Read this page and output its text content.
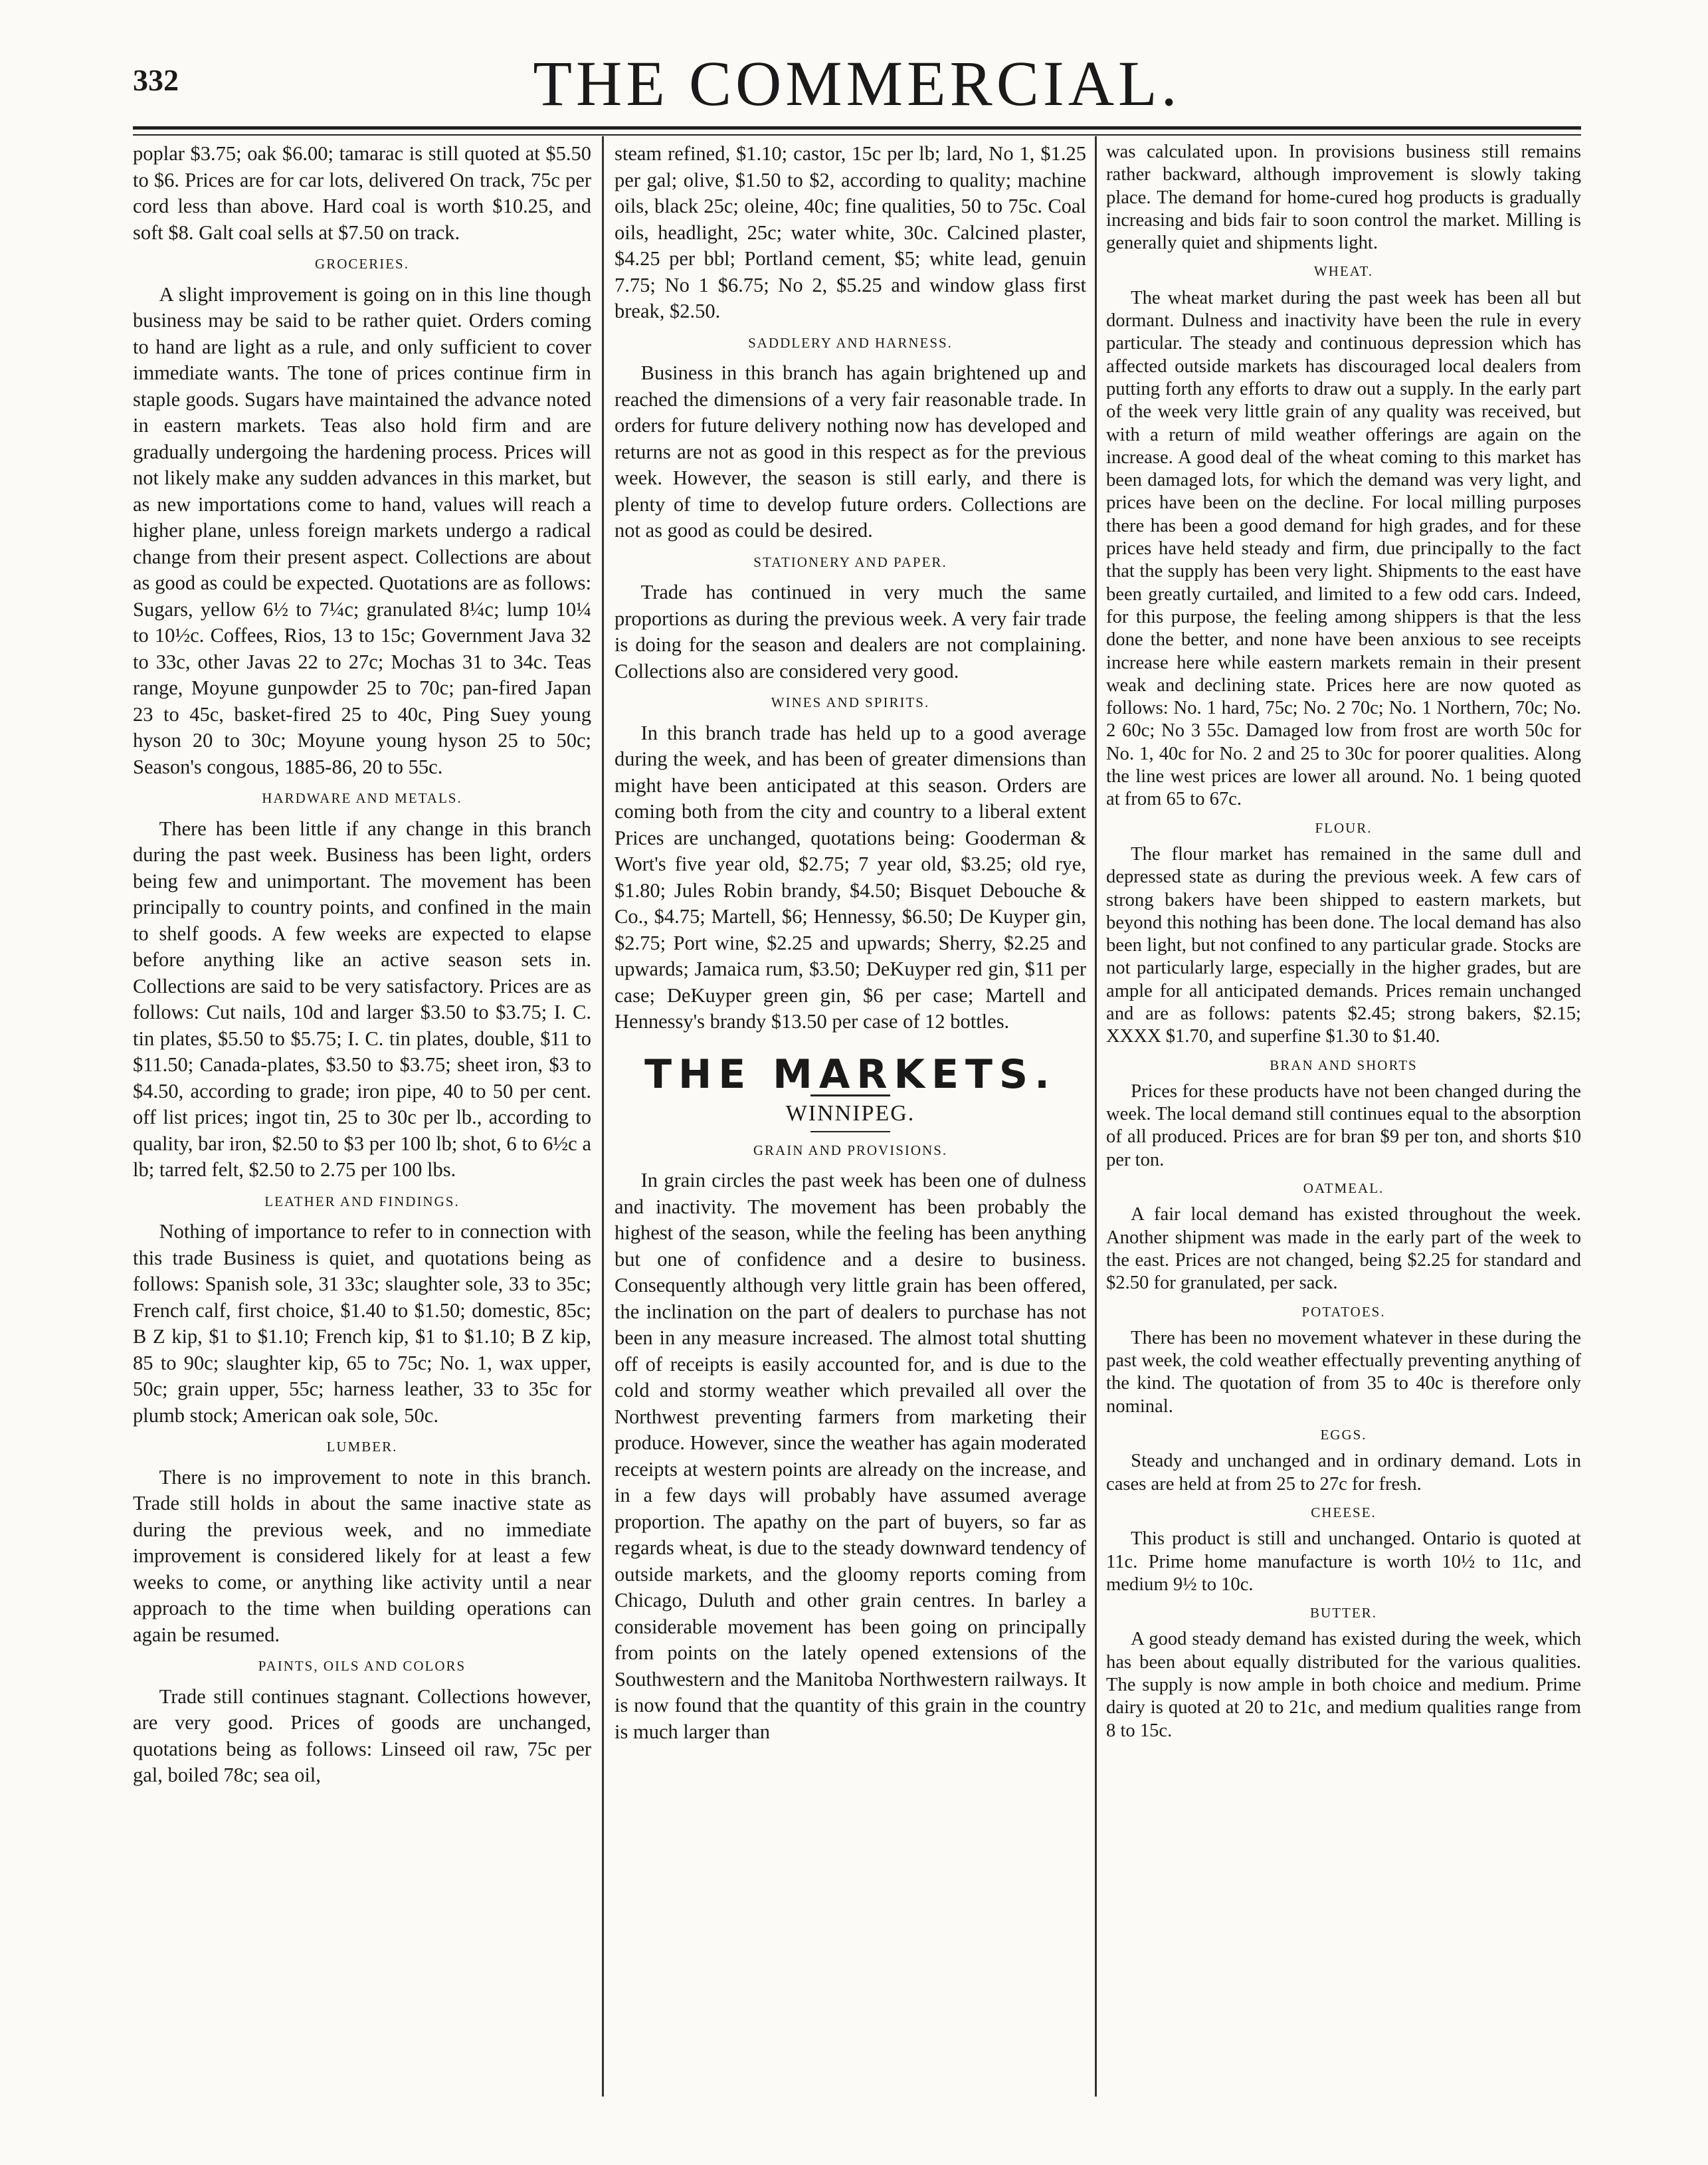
332	THE COMMERCIAL.

poplar $3.75; oak $6.00; tamarac is still quoted at $5.50 to $6. Prices are for car lots, delivered On track, 75c per cord less than above. Hard coal is worth $10.25, and soft $8. Galt coal sells at $7.50 on track.

GROCERIES.

A slight improvement is going on in this line though business may be said to be rather quiet. Orders coming to hand are light as a rule, and only sufficient to cover immediate wants. The tone of prices continue firm in staple goods. Sugars have maintained the advance noted in eastern markets. Teas also hold firm and are gradually undergoing the hardening process. Prices will not likely make any sudden advances in this market, but as new importations come to hand, values will reach a higher plane, unless foreign markets undergo a radical change from their present aspect. Collections are about as good as could be expected. Quotations are as follows: Sugars, yellow 6½ to 7¼c; granulated 8¼c; lump 10¼ to 10½c. Coffees, Rios, 13 to 15c; Government Java 32 to 33c, other Javas 22 to 27c; Mochas 31 to 34c. Teas range, Moyune gunpowder 25 to 70c; pan-fired Japan 23 to 45c, basket-fired 25 to 40c, Ping Suey young hyson 20 to 30c; Moyune young hyson 25 to 50c; Season's congous, 1885-86, 20 to 55c.

HARDWARE AND METALS.

There has been little if any change in this branch during the past week. Business has been light, orders being few and unimportant. The movement has been principally to country points, and confined in the main to shelf goods. A few weeks are expected to elapse before anything like an active season sets in. Collections are said to be very satisfactory. Prices are as follows: Cut nails, 10d and larger $3.50 to $3.75; I. C. tin plates, $5.50 to $5.75; I. C. tin plates, double, $11 to $11.50; Canada-plates, $3.50 to $3.75; sheet iron, $3 to $4.50, according to grade; iron pipe, 40 to 50 per cent. off list prices; ingot tin, 25 to 30c per lb., according to quality, bar iron, $2.50 to $3 per 100 lb; shot, 6 to 6½c a lb; tarred felt, $2.50 to 2.75 per 100 lbs.

LEATHER AND FINDINGS.

Nothing of importance to refer to in connection with this trade Business is quiet, and quotations being as follows: Spanish sole, 31 33c; slaughter sole, 33 to 35c; French calf, first choice, $1.40 to $1.50; domestic, 85c; B Z kip, $1 to $1.10; French kip, $1 to $1.10; B Z kip, 85 to 90c; slaughter kip, 65 to 75c; No. 1, wax upper, 50c; grain upper, 55c; harness leather, 33 to 35c for plumb stock; American oak sole, 50c.

LUMBER.

There is no improvement to note in this branch. Trade still holds in about the same inactive state as during the previous week, and no immediate improvement is considered likely for at least a few weeks to come, or anything like activity until a near approach to the time when building operations can again be resumed.

PAINTS, OILS AND COLORS

Trade still continues stagnant. Collections however, are very good. Prices of goods are unchanged, quotations being as follows: Linseed oil raw, 75c per gal, boiled 78c; sea oil,

steam refined, $1.10; castor, 15c per lb; lard, No 1, $1.25 per gal; olive, $1.50 to $2, according to quality; machine oils, black 25c; oleine, 40c; fine qualities, 50 to 75c. Coal oils, headlight, 25c; water white, 30c. Calcined plaster, $4.25 per bbl; Portland cement, $5; white lead, genuin 7.75; No 1 $6.75; No 2, $5.25 and window glass first break, $2.50.

SADDLERY AND HARNESS.

Business in this branch has again brightened up and reached the dimensions of a very fair reasonable trade. In orders for future delivery nothing now has developed and returns are not as good in this respect as for the previous week. However, the season is still early, and there is plenty of time to develop future orders. Collections are not as good as could be desired.

STATIONERY AND PAPER.

Trade has continued in very much the same proportions as during the previous week. A very fair trade is doing for the season and dealers are not complaining. Collections also are considered very good.

WINES AND SPIRITS.

In this branch trade has held up to a good average during the week, and has been of greater dimensions than might have been anticipated at this season. Orders are coming both from the city and country to a liberal extent Prices are unchanged, quotations being: Gooderman & Wort's five year old, $2.75; 7 year old, $3.25; old rye, $1.80; Jules Robin brandy, $4.50; Bisquet Debouche & Co., $4.75; Martell, $6; Hennessy, $6.50; De Kuyper gin, $2.75; Port wine, $2.25 and upwards; Sherry, $2.25 and upwards; Jamaica rum, $3.50; DeKuyper red gin, $11 per case; DeKuyper green gin, $6 per case; Martell and Hennessy's brandy $13.50 per case of 12 bottles.

THE MARKETS.
WINNIPEG.
GRAIN AND PROVISIONS.

In grain circles the past week has been one of dulness and inactivity. The movement has been probably the highest of the season, while the feeling has been anything but one of confidence and a desire to business. Consequently although very little grain has been offered, the inclination on the part of dealers to purchase has not been in any measure increased. The almost total shutting off of receipts is easily accounted for, and is due to the cold and stormy weather which prevailed all over the Northwest preventing farmers from marketing their produce. However, since the weather has again moderated receipts at western points are already on the increase, and in a few days will probably have assumed average proportion. The apathy on the part of buyers, so far as regards wheat, is due to the steady downward tendency of outside markets, and the gloomy reports coming from Chicago, Duluth and other grain centres. In barley a considerable movement has been going on principally from points on the lately opened extensions of the Southwestern and the Manitoba Northwestern railways. It is now found that the quantity of this grain in the country is much larger than

was calculated upon. In provisions business still remains rather backward, although improvement is slowly taking place. The demand for home-cured hog products is gradually increasing and bids fair to soon control the market. Milling is generally quiet and shipments light.

WHEAT.

The wheat market during the past week has been all but dormant. Dulness and inactivity have been the rule in every particular. The steady and continuous depression which has affected outside markets has discouraged local dealers from putting forth any efforts to draw out a supply. In the early part of the week very little grain of any quality was received, but with a return of mild weather offerings are again on the increase. A good deal of the wheat coming to this market has been damaged lots, for which the demand was very light, and prices have been on the decline. For local milling purposes there has been a good demand for high grades, and for these prices have held steady and firm, due principally to the fact that the supply has been very light. Shipments to the east have been greatly curtailed, and limited to a few odd cars. Indeed, for this purpose, the feeling among shippers is that the less done the better, and none have been anxious to see receipts increase here while eastern markets remain in their present weak and declining state. Prices here are now quoted as follows: No. 1 hard, 75c; No. 2 70c; No. 1 Northern, 70c; No. 2 60c; No 3 55c. Damaged low from frost are worth 50c for No. 1, 40c for No. 2 and 25 to 30c for poorer qualities. Along the line west prices are lower all around. No. 1 being quoted at from 65 to 67c.

FLOUR.

The flour market has remained in the same dull and depressed state as during the previous week. A few cars of strong bakers have been shipped to eastern markets, but beyond this nothing has been done. The local demand has also been light, but not confined to any particular grade. Stocks are not particularly large, especially in the higher grades, but are ample for all anticipated demands. Prices remain unchanged and are as follows: patents $2.45; strong bakers, $2.15; XXXX $1.70, and superfine $1.30 to $1.40.

BRAN AND SHORTS

Prices for these products have not been changed during the week. The local demand still continues equal to the absorption of all produced. Prices are for bran $9 per ton, and shorts $10 per ton.

OATMEAL.

A fair local demand has existed throughout the week. Another shipment was made in the early part of the week to the east. Prices are not changed, being $2.25 for standard and $2.50 for granulated, per sack.

POTATOES.

There has been no movement whatever in these during the past week, the cold weather effectually preventing anything of the kind. The quotation of from 35 to 40c is therefore only nominal.

EGGS.

Steady and unchanged and in ordinary demand. Lots in cases are held at from 25 to 27c for fresh.

CHEESE.

This product is still and unchanged. Ontario is quoted at 11c. Prime home manufacture is worth 10½ to 11c, and medium 9½ to 10c.

BUTTER.

A good steady demand has existed during the week, which has been about equally distributed for the various qualities. The supply is now ample in both choice and medium. Prime dairy is quoted at 20 to 21c, and medium qualities range from 8 to 15c.
